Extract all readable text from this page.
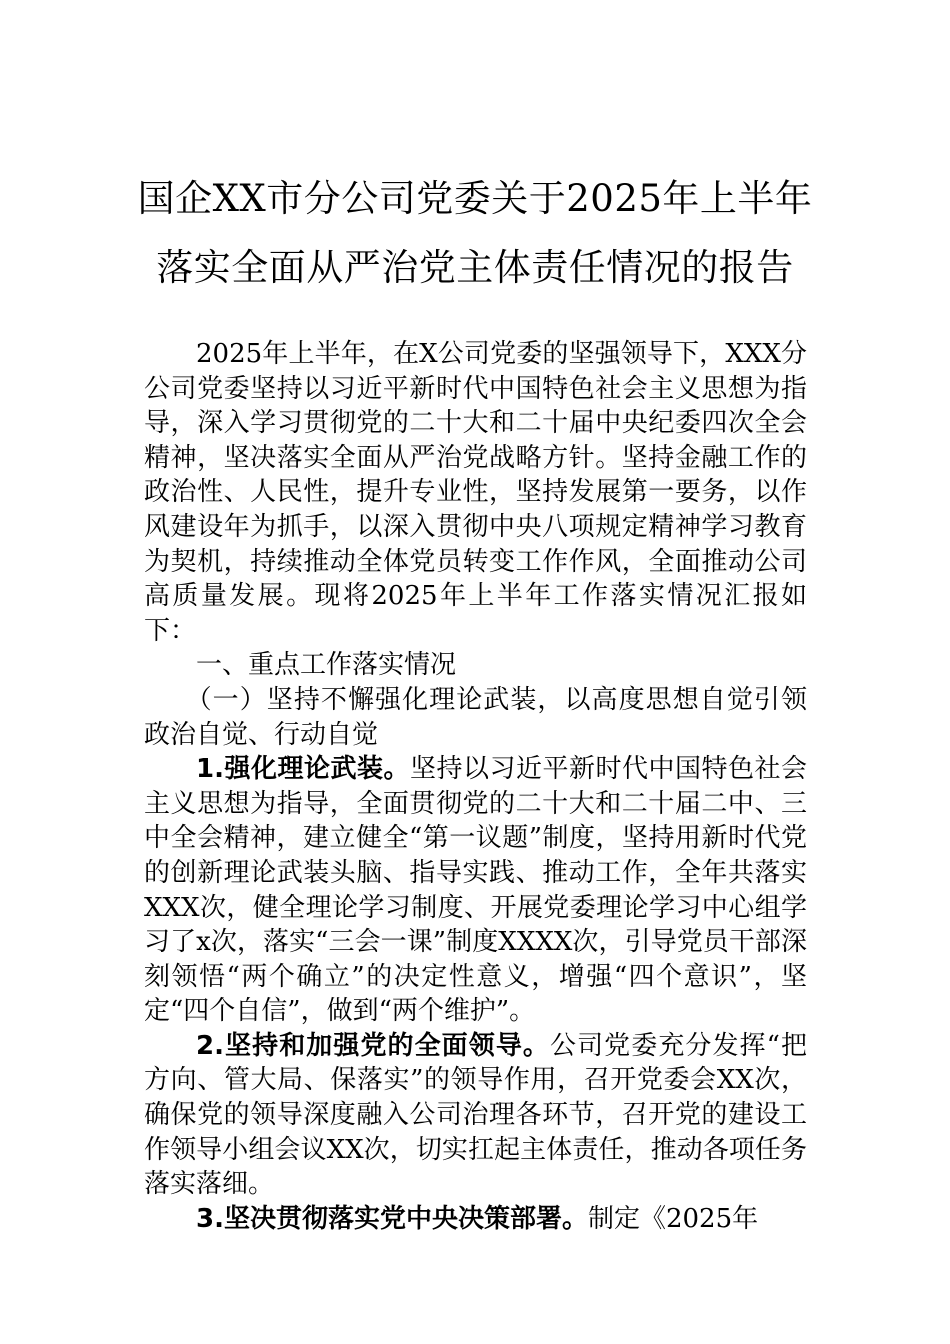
国企XX市分公司党委关于2025年上半年
落实全面从严治党主体责任情况的报告

2025年上半年，在X公司党委的坚强领导下，XXX分公司党委坚持以习近平新时代中国特色社会主义思想为指导，深入学习贯彻党的二十大和二十届中央纪委四次全会精神，坚决落实全面从严治党战略方针。坚持金融工作的政治性、人民性，提升专业性，坚持发展第一要务，以作风建设年为抓手，以深入贯彻中央八项规定精神学习教育为契机，持续推动全体党员转变工作作风，全面推动公司高质量发展。现将2025年上半年工作落实情况汇报如下：

一、重点工作落实情况

（一）坚持不懈强化理论武装，以高度思想自觉引领政治自觉、行动自觉

1.强化理论武装。坚持以习近平新时代中国特色社会主义思想为指导，全面贯彻党的二十大和二十届二中、三中全会精神，建立健全“第一议题”制度，坚持用新时代党的创新理论武装头脑、指导实践、推动工作，全年共落实XXX次，健全理论学习制度、开展党委理论学习中心组学习了x次，落实“三会一课”制度XXXX次，引导党员干部深刻领悟“两个确立”的决定性意义，增强“四个意识”，坚定“四个自信”，做到“两个维护”。

2.坚持和加强党的全面领导。公司党委充分发挥“把方向、管大局、保落实”的领导作用，召开党委会XX次，确保党的领导深度融入公司治理各环节，召开党的建设工作领导小组会议XX次，切实扛起主体责任，推动各项任务落实落细。

3.坚决贯彻落实党中央决策部署。制定《2025年
